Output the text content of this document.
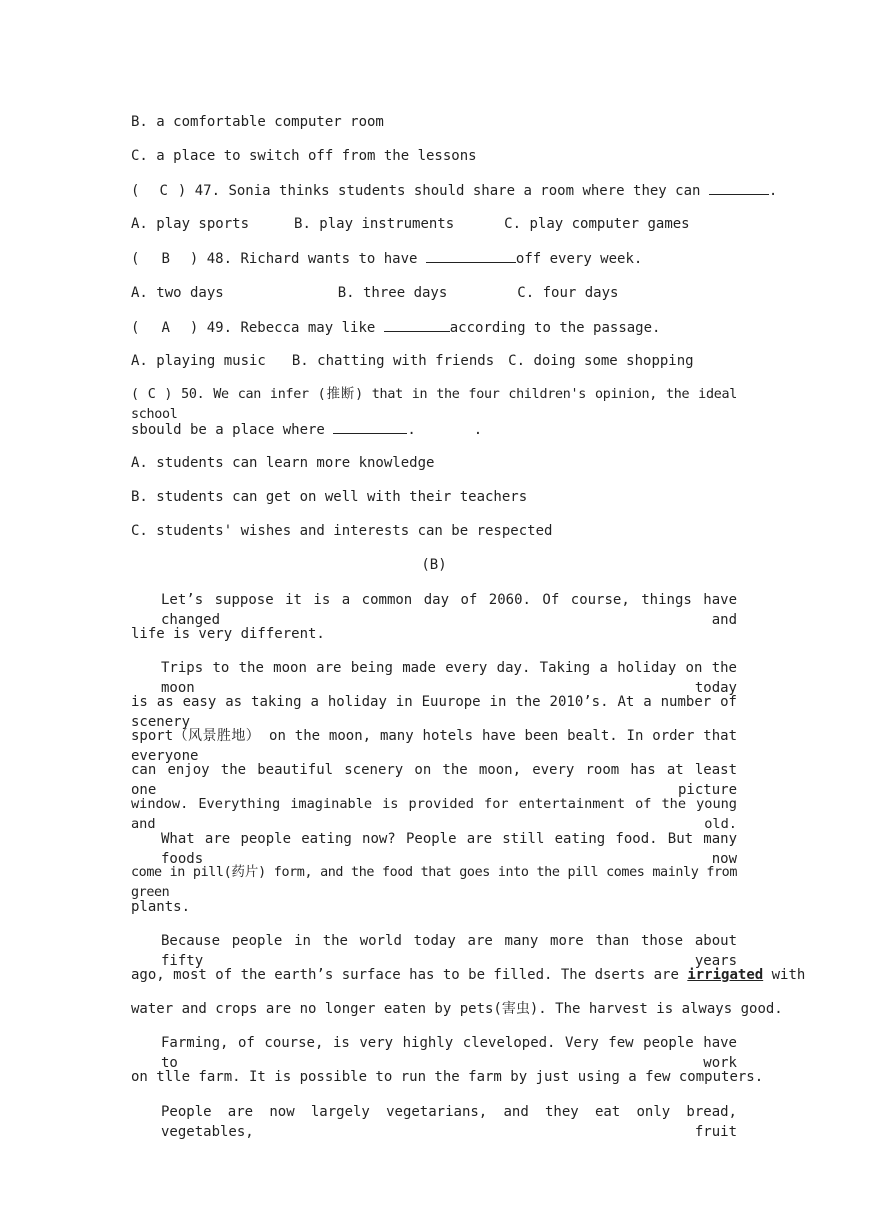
B. a comfortable computer room
C. a place to switch off from the lessons
( C ) 47. Sonia thinks students should share a room where they can	.
A. play sports	B. play instruments	C. play computer games
( B ) 48. Richard wants to have	off every week.
A. two days	B. three days	C. four days
( A ) 49. Rebecca may like	according to the passage.
A. playing music B. chatting with friends C. doing some shopping
( C ) 50. We can infer (推断) that in the four children's opinion, the ideal school
sbould be a place where	.	.
A. students can learn more knowledge
B. students can get on well with their teachers
C. students' wishes and interests can be respected
(B)
Let’s suppose it is a common day of 2060. Of course, things have changed and
life is very different.
Trips to the moon are being made every day. Taking a holiday on the moon today
is as easy as taking a holiday in Euurope in the 2010’s. At a number of scenery
sport（风景胜地） on the moon, many hotels have been bealt. In order that everyone
can enjoy the beautiful scenery on the moon, every room has at least one picture
window. Everything imaginable is provided for entertainment of the young and old.
What are people eating now? People are still eating food. But many foods now
come in pill(药片) form, and the food that goes into the pill comes mainly from green
plants.
Because people in the world today are many more than those about fifty years
ago, most of the earth’s surface has to be filled. The dserts are irrigated with
water and crops are no longer eaten by pets(害虫). The harvest is always good.
Farming, of course, is very highly cleveloped. Very few people have to work
on tlle farm. It is possible to run the farm by just using a few computers.
People are now largely vegetarians, and they eat only bread, vegetables, fruit
